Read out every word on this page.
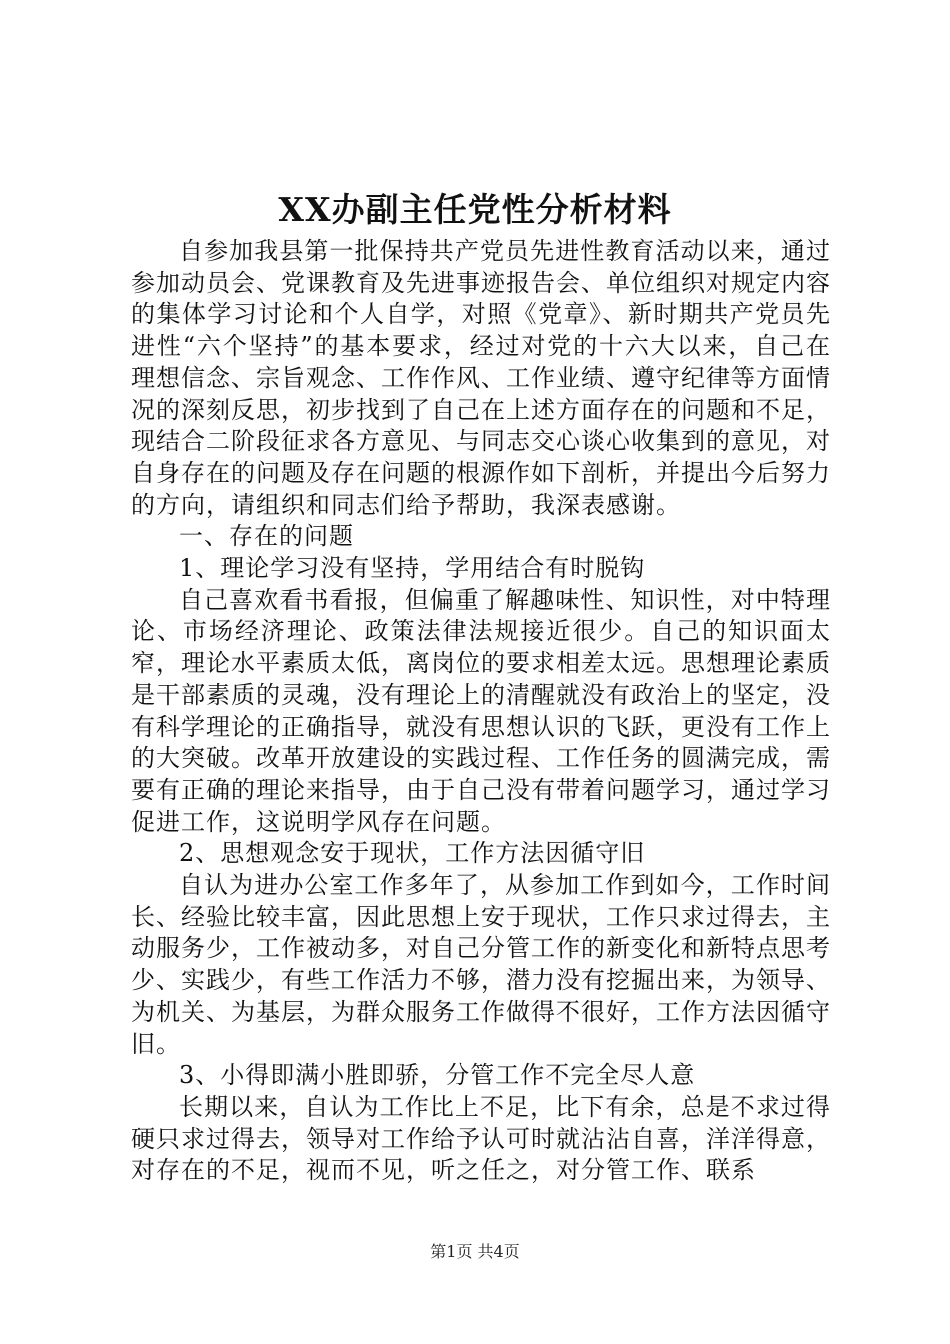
XX办副主任党性分析材料

自参加我县第一批保持共产党员先进性教育活动以来，通过参加动员会、党课教育及先进事迹报告会、单位组织对规定内容的集体学习讨论和个人自学，对照《党章》、新时期共产党员先进性“六个坚持”的基本要求，经过对党的十六大以来，自己在理想信念、宗旨观念、工作作风、工作业绩、遵守纪律等方面情况的深刻反思，初步找到了自己在上述方面存在的问题和不足，现结合二阶段征求各方意见、与同志交心谈心收集到的意见，对自身存在的问题及存在问题的根源作如下剖析，并提出今后努力的方向，请组织和同志们给予帮助，我深表感谢。

一、存在的问题

1、理论学习没有坚持，学用结合有时脱钩

自己喜欢看书看报，但偏重了解趣味性、知识性，对中特理论、市场经济理论、政策法律法规接近很少。自己的知识面太窄，理论水平素质太低，离岗位的要求相差太远。思想理论素质是干部素质的灵魂，没有理论上的清醒就没有政治上的坚定，没有科学理论的正确指导，就没有思想认识的飞跃，更没有工作上的大突破。改革开放建设的实践过程、工作任务的圆满完成，需要有正确的理论来指导，由于自己没有带着问题学习，通过学习促进工作，这说明学风存在问题。

2、思想观念安于现状，工作方法因循守旧

自认为进办公室工作多年了，从参加工作到如今，工作时间长、经验比较丰富，因此思想上安于现状，工作只求过得去，主动服务少，工作被动多，对自己分管工作的新变化和新特点思考少、实践少，有些工作活力不够，潜力没有挖掘出来，为领导、为机关、为基层，为群众服务工作做得不很好，工作方法因循守旧。

3、小得即满小胜即骄，分管工作不完全尽人意

长期以来，自认为工作比上不足，比下有余，总是不求过得硬只求过得去，领导对工作给予认可时就沾沾自喜，洋洋得意，对存在的不足，视而不见，听之任之，对分管工作、联系

第1页 共4页
